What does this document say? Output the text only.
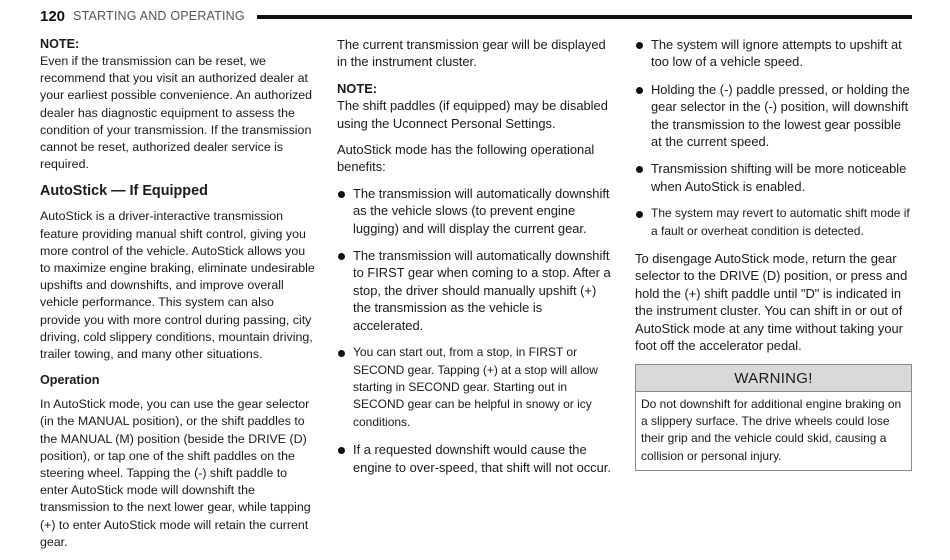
120 STARTING AND OPERATING

NOTE:

Even if the transmission can be reset, we recommend that you visit an authorized dealer at your earliest possible convenience. An authorized dealer has diagnostic equipment to assess the condition of your transmission. If the transmission cannot be reset, authorized dealer service is required.

AutoStick — If Equipped

AutoStick is a driver-interactive transmission feature providing manual shift control, giving you more control of the vehicle. AutoStick allows you to maximize engine braking, eliminate undesirable upshifts and downshifts, and improve overall vehicle performance. This system can also provide you with more control during passing, city driving, cold slippery conditions, mountain driving, trailer towing, and many other situations.

Operation

In AutoStick mode, you can use the gear selector (in the MANUAL position), or the shift paddles to the MANUAL (M) position (beside the DRIVE (D) position), or tap one of the shift paddles on the steering wheel. Tapping the (-) shift paddle to enter AutoStick mode will downshift the transmission to the next lower gear, while tapping (+) to enter AutoStick mode will retain the current gear.

The current transmission gear will be displayed in the instrument cluster.

NOTE:

The shift paddles (if equipped) may be disabled using the Uconnect Personal Settings.

AutoStick mode has the following operational benefits:

The transmission will automatically downshift as the vehicle slows (to prevent engine lugging) and will display the current gear.
The transmission will automatically downshift to FIRST gear when coming to a stop. After a stop, the driver should manually upshift (+) the transmission as the vehicle is accelerated.
You can start out, from a stop, in FIRST or SECOND gear. Tapping (+) at a stop will allow starting in SECOND gear. Starting out in SECOND gear can be helpful in snowy or icy conditions.
If a requested downshift would cause the engine to over-speed, that shift will not occur.
The system will ignore attempts to upshift at too low of a vehicle speed.
Holding the (-) paddle pressed, or holding the gear selector in the (-) position, will downshift the transmission to the lowest gear possible at the current speed.
Transmission shifting will be more noticeable when AutoStick is enabled.
The system may revert to automatic shift mode if a fault or overheat condition is detected.

To disengage AutoStick mode, return the gear selector to the DRIVE (D) position, or press and hold the (+) shift paddle until "D" is indicated in the instrument cluster. You can shift in or out of AutoStick mode at any time without taking your foot off the accelerator pedal.

WARNING!
Do not downshift for additional engine braking on a slippery surface. The drive wheels could lose their grip and the vehicle could skid, causing a collision or personal injury.
